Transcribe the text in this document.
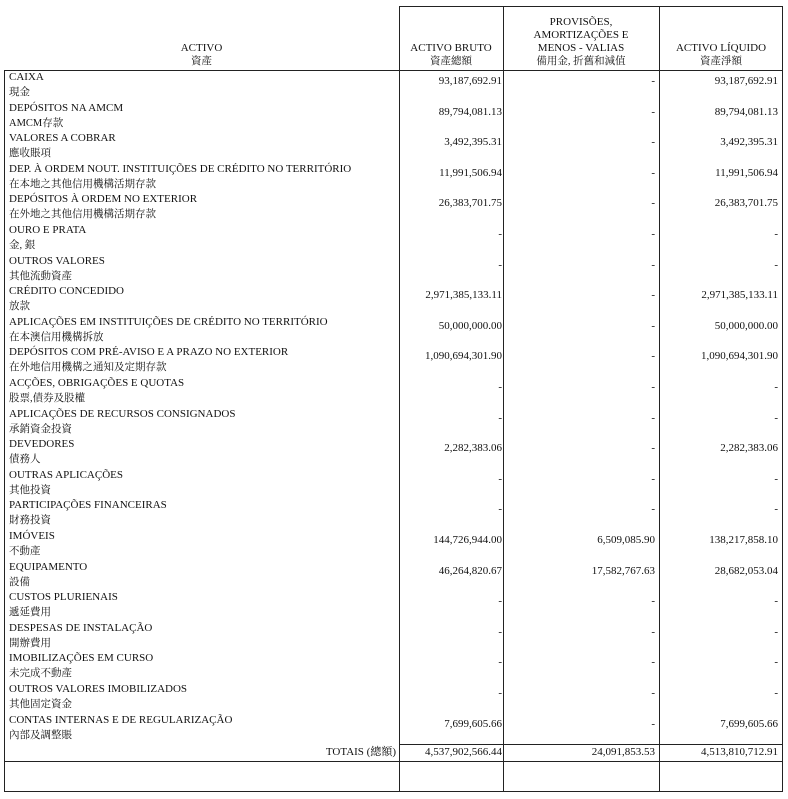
ACTIVO
資產
ACTIVO BRUTO
資產總額
PROVISÕES,
AMORTIZAÇÕES E
MENOS - VALIAS
備用金, 折舊和減值
ACTIVO LÍQUIDO
資產淨額
CAIXA
現金
93,187,692.91	-	93,187,692.91
DEPÓSITOS NA AMCM
AMCM存款
89,794,081.13	-	89,794,081.13
VALORES A COBRAR
應收賬項
3,492,395.31	-	3,492,395.31
DEP. À ORDEM NOUT. INSTITUIÇÕES DE CRÉDITO NO TERRITÓRIO
在本地之其他信用機構活期存款
11,991,506.94	-	11,991,506.94
DEPÓSITOS À ORDEM NO EXTERIOR
在外地之其他信用機構活期存款
26,383,701.75	-	26,383,701.75
OURO E PRATA
金, 銀
-	-	-
OUTROS VALORES
其他流動資產
-	-	-
CRÉDITO CONCEDIDO
放款
2,971,385,133.11	-	2,971,385,133.11
APLICAÇÕES EM INSTITUIÇÕES DE CRÉDITO NO TERRITÓRIO
在本澳信用機構拆放
50,000,000.00	-	50,000,000.00
DEPÓSITOS COM PRÉ-AVISO E A PRAZO NO EXTERIOR
在外地信用機構之通知及定期存款
1,090,694,301.90	-	1,090,694,301.90
ACÇÕES, OBRIGAÇÕES E QUOTAS
股票,債券及股權
-	-	-
APLICAÇÕES DE RECURSOS CONSIGNADOS
承銷資金投資
-	-	-
DEVEDORES
債務人
2,282,383.06	-	2,282,383.06
OUTRAS APLICAÇÕES
其他投資
-	-	-
PARTICIPAÇÕES FINANCEIRAS
財務投資
-	-	-
IMÓVEIS
不動產
144,726,944.00	6,509,085.90	138,217,858.10
EQUIPAMENTO
設備
46,264,820.67	17,582,767.63	28,682,053.04
CUSTOS PLURIENAIS
遞延費用
-	-	-
DESPESAS DE INSTALAÇÃO
開辦費用
-	-	-
IMOBILIZAÇÕES EM CURSO
未完成不動產
-	-	-
OUTROS VALORES IMOBILIZADOS
其他固定資金
-	-	-
CONTAS INTERNAS E DE REGULARIZAÇÃO
內部及調整賬
7,699,605.66	-	7,699,605.66
TOTAIS (總額)	4,537,902,566.44	24,091,853.53	4,513,810,712.91
